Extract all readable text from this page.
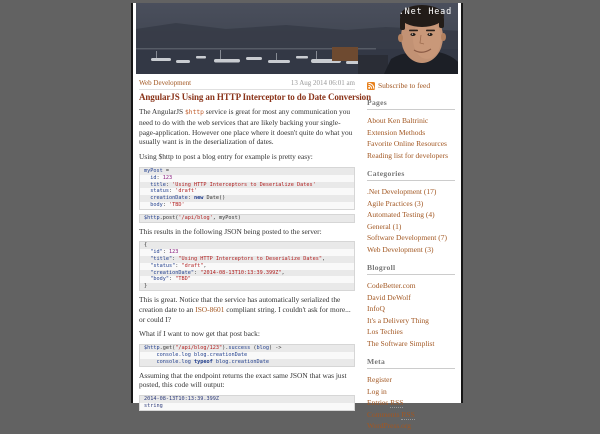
.Net Head
Web Development	13 Aug 2014 06:01 am
AngularJS Using an HTTP Interceptor to do Date Conversion

The AngularJS $http service is great for most any communication you need to do with the web services that are likely backing your single-page-application. However one place where it doesn't quite do what you usually want is in the deserialization of dates.

Using $http to post a blog entry for example is pretty easy:

myPost =
id: 123
title: 'Using HTTP Interceptors to Deserialize Dates'
status: 'draft'
creationDate: new Date()
body: 'TBD'
$http.post('/api/blog', myPost)

This results in the following JSON being posted to the server:

{
"id": 123
"title": "Using HTTP Interceptors to Deserialize Dates",
"status": "draft",
"creationDate": "2014-08-13T10:13:39.399Z",
"body": "TBD"
}

This is great. Notice that the service has automatically serialized the creation date to an ISO-8601 compliant string. I couldn't ask for more... or could I?

What if I want to now get that post back:

$http.get("/api/blog/123").success (blog) ->
console.log blog.creationDate
console.log typeof blog.creationDate

Assuming that the endpoint returns the exact same JSON that was just posted, this code will output:

2014-08-13T10:13:39.399Z
string
Subscribe to feed
Pages
About Ken Baltrinic
Extension Methods
Favorite Online Resources
Reading list for developers
Categories
.Net Development (17)
Agile Practices (3)
Automated Testing (4)
General (1)
Software Development (7)
Web Development (3)
Blogroll
CodeBetter.com
David DeWolf
InfoQ
It's a Delivery Thing
Los Techies
The Software Simplist
Meta
Register
Log in
Entries RSS
Comments RSS
WordPress.org
